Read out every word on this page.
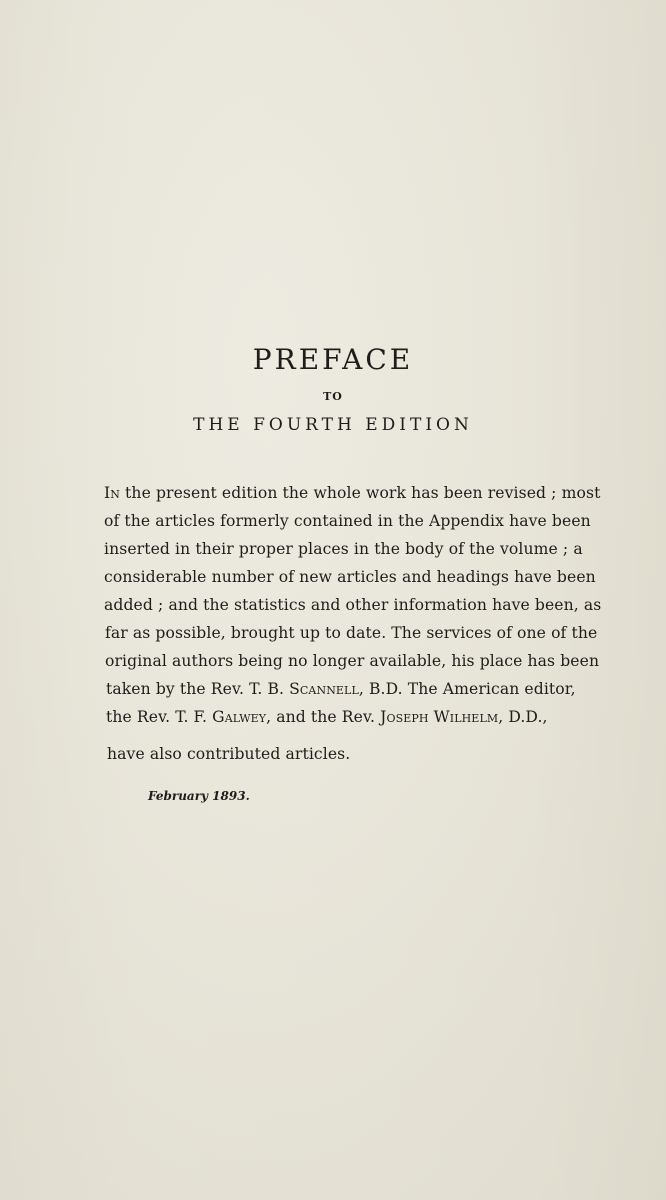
PREFACE
TO
THE FOURTH EDITION
In the present edition the whole work has been revised ; most
of the articles formerly contained in the Appendix have been
inserted in their proper places in the body of the volume ; a
considerable number of new articles and headings have been
added ; and the statistics and other information have been, as
far as possible, brought up to date. The services of one of the
original authors being no longer available, his place has been
taken by the Rev. T. B. Scannell, B.D. The American editor,
the Rev. T. F. Galwey, and the Rev. Joseph Wilhelm, D.D.,
have also contributed articles.
February 1893.
